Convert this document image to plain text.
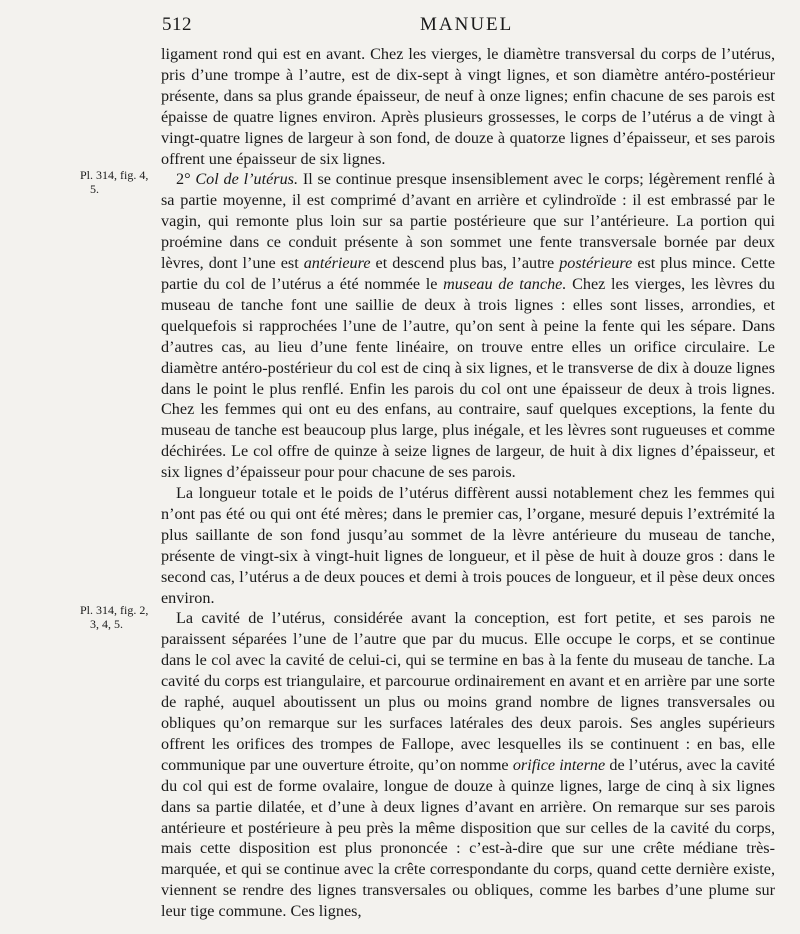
512	MANUEL
Pl. 314, fig. 4,
5.
Pl. 314, fig. 2,
3, 4, 5.

ligament rond qui est en avant. Chez les vierges, le diamètre transversal du corps de l’utérus, pris d’une trompe à l’autre, est de dix-sept à vingt lignes, et son diamètre antéro-postérieur présente, dans sa plus grande épaisseur, de neuf à onze lignes; enfin chacune de ses parois est épaisse de quatre lignes environ. Après plusieurs grossesses, le corps de l’utérus a de vingt à vingt-quatre lignes de largeur à son fond, de douze à quatorze lignes d’épaisseur, et ses parois offrent une épaisseur de six lignes.

2° Col de l’utérus. Il se continue presque insensiblement avec le corps; légèrement renflé à sa partie moyenne, il est comprimé d’avant en arrière et cylindroïde : il est embrassé par le vagin, qui remonte plus loin sur sa partie postérieure que sur l’antérieure. La portion qui proémine dans ce conduit présente à son sommet une fente transversale bornée par deux lèvres, dont l’une est antérieure et descend plus bas, l’autre postérieure est plus mince. Cette partie du col de l’utérus a été nommée le museau de tanche. Chez les vierges, les lèvres du museau de tanche font une saillie de deux à trois lignes : elles sont lisses, arrondies, et quelquefois si rapprochées l’une de l’autre, qu’on sent à peine la fente qui les sépare. Dans d’autres cas, au lieu d’une fente linéaire, on trouve entre elles un orifice circulaire. Le diamètre antéro-postérieur du col est de cinq à six lignes, et le transverse de dix à douze lignes dans le point le plus renflé. Enfin les parois du col ont une épaisseur de deux à trois lignes. Chez les femmes qui ont eu des enfans, au contraire, sauf quelques exceptions, la fente du museau de tanche est beaucoup plus large, plus inégale, et les lèvres sont rugueuses et comme déchirées. Le col offre de quinze à seize lignes de largeur, de huit à dix lignes d’épaisseur, et six lignes d’épaisseur pour pour chacune de ses parois.

La longueur totale et le poids de l’utérus diffèrent aussi notablement chez les femmes qui n’ont pas été ou qui ont été mères; dans le premier cas, l’organe, mesuré depuis l’extrémité la plus saillante de son fond jusqu’au sommet de la lèvre antérieure du museau de tanche, présente de vingt-six à vingt-huit lignes de longueur, et il pèse de huit à douze gros : dans le second cas, l’utérus a de deux pouces et demi à trois pouces de longueur, et il pèse deux onces environ.

La cavité de l’utérus, considérée avant la conception, est fort petite, et ses parois ne paraissent séparées l’une de l’autre que par du mucus. Elle occupe le corps, et se continue dans le col avec la cavité de celui-ci, qui se termine en bas à la fente du museau de tanche. La cavité du corps est triangulaire, et parcourue ordinairement en avant et en arrière par une sorte de raphé, auquel aboutissent un plus ou moins grand nombre de lignes transversales ou obliques qu’on remarque sur les surfaces latérales des deux parois. Ses angles supérieurs offrent les orifices des trompes de Fallope, avec lesquelles ils se continuent : en bas, elle communique par une ouverture étroite, qu’on nomme orifice interne de l’utérus, avec la cavité du col qui est de forme ovalaire, longue de douze à quinze lignes, large de cinq à six lignes dans sa partie dilatée, et d’une à deux lignes d’avant en arrière. On remarque sur ses parois antérieure et postérieure à peu près la même disposition que sur celles de la cavité du corps, mais cette disposition est plus prononcée : c’est-à-dire que sur une crête médiane très-marquée, et qui se continue avec la crête correspondante du corps, quand cette dernière existe, viennent se rendre des lignes transversales ou obliques, comme les barbes d’une plume sur leur tige commune. Ces lignes,
